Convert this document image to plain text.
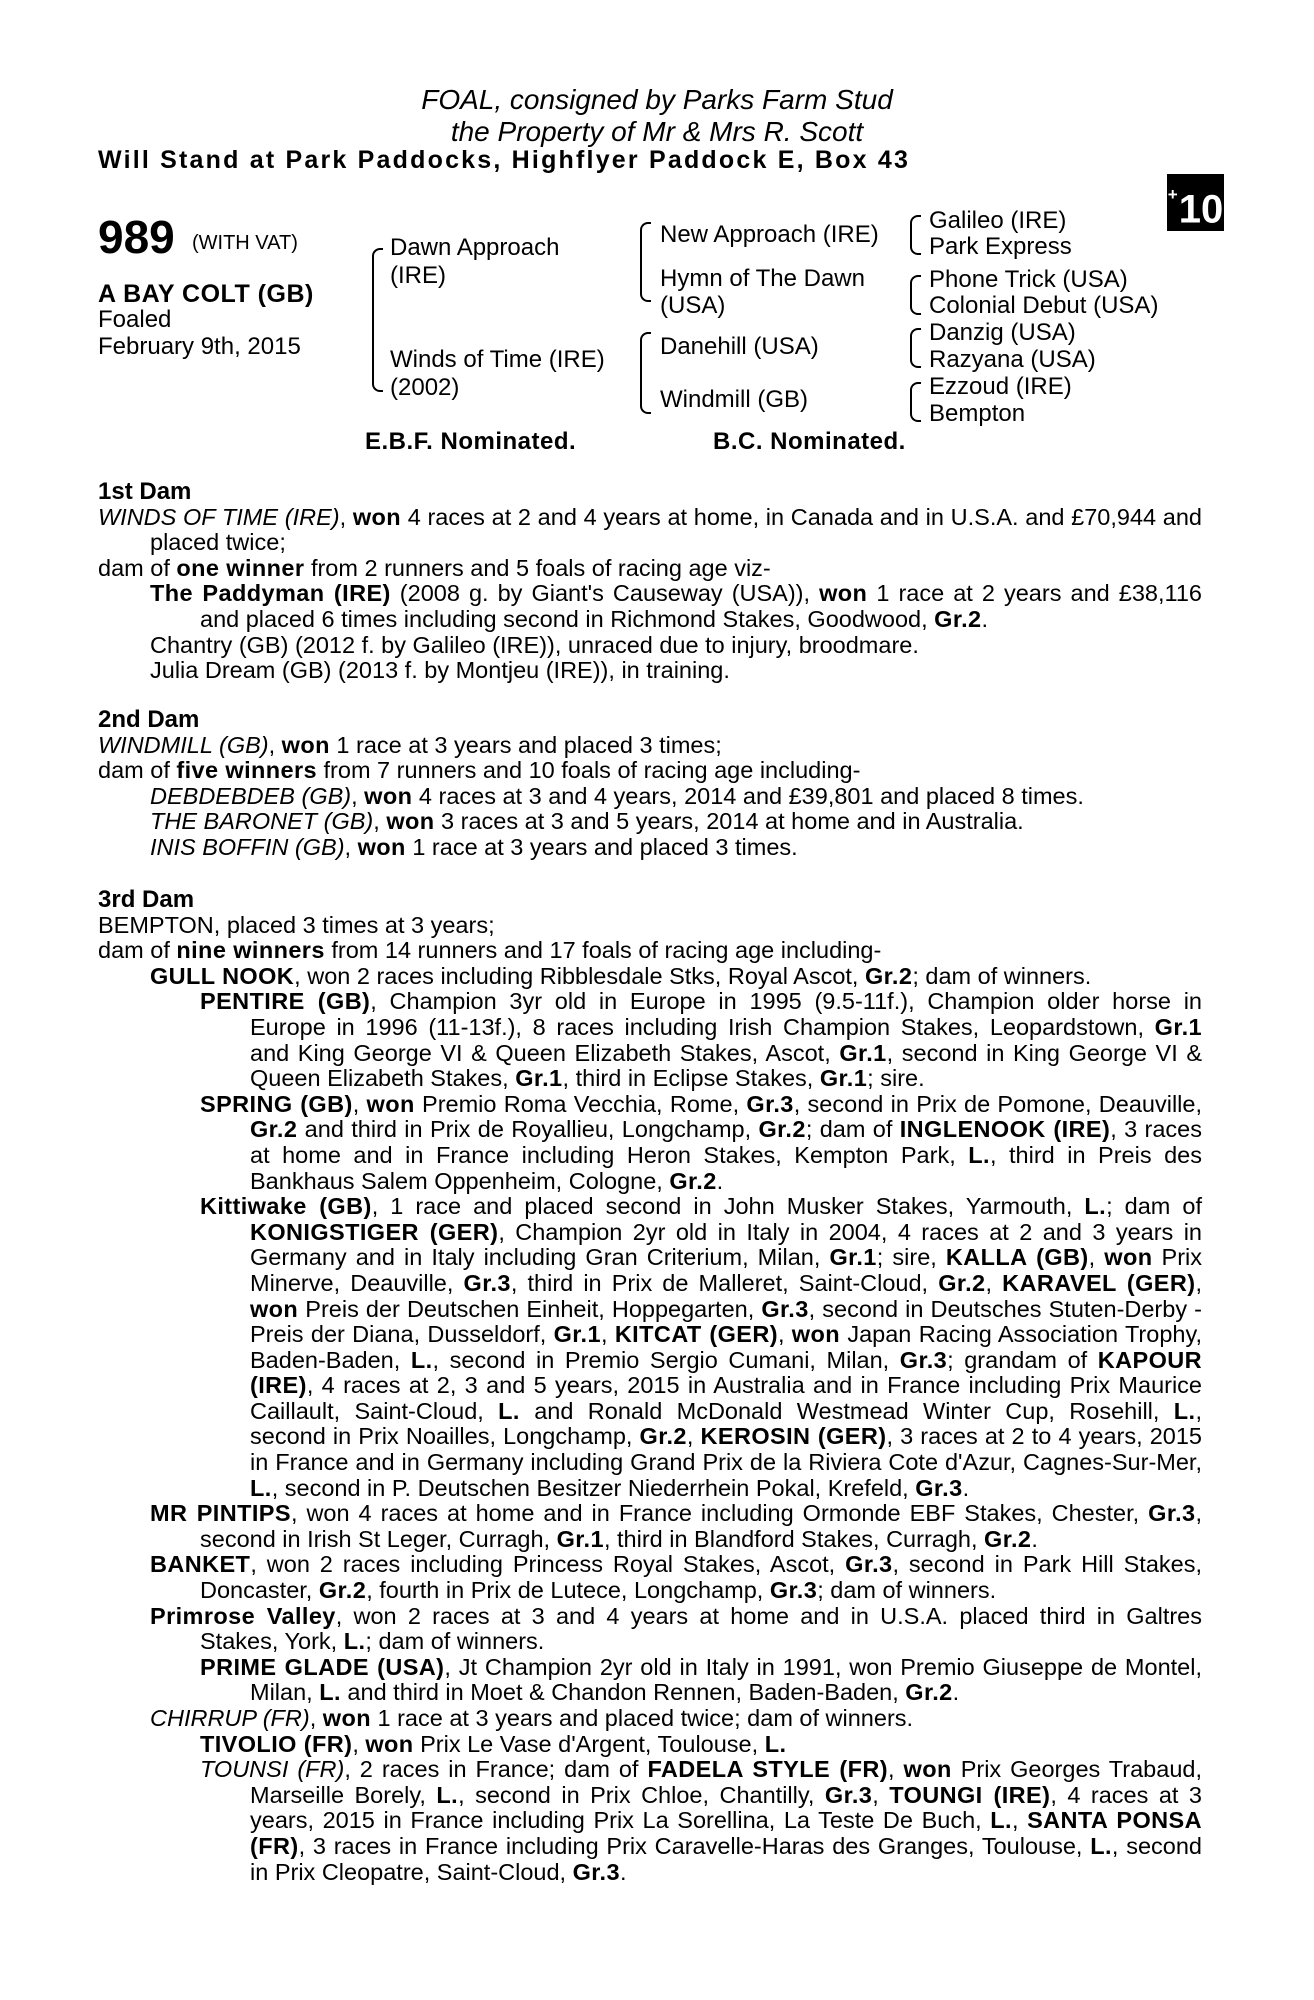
FOAL, consigned by Parks Farm Stud
the Property of Mr & Mrs R. Scott
Will Stand at Park Paddocks, Highflyer Paddock E, Box 43
+10
989 (WITH VAT)
A BAY COLT (GB)
Foaled
February 9th, 2015
Dawn Approach
(IRE)
Winds of Time (IRE)
(2002)
New Approach (IRE)
Hymn of The Dawn
(USA)
Danehill (USA)
Windmill (GB)
Galileo (IRE)
Park Express
Phone Trick (USA)
Colonial Debut (USA)
Danzig (USA)
Razyana (USA)
Ezzoud (IRE)
Bempton
E.B.F. Nominated.	B.C. Nominated.

1st Dam

WINDS OF TIME (IRE), won 4 races at 2 and 4 years at home, in Canada and in U.S.A. and £70,944 and placed twice;

dam of one winner from 2 runners and 5 foals of racing age viz-

The Paddyman (IRE) (2008 g. by Giant's Causeway (USA)), won 1 race at 2 years and £38,116 and placed 6 times including second in Richmond Stakes, Goodwood, Gr.2.

Chantry (GB) (2012 f. by Galileo (IRE)), unraced due to injury, broodmare.

Julia Dream (GB) (2013 f. by Montjeu (IRE)), in training.

2nd Dam

WINDMILL (GB), won 1 race at 3 years and placed 3 times;

dam of five winners from 7 runners and 10 foals of racing age including-

DEBDEBDEB (GB), won 4 races at 3 and 4 years, 2014 and £39,801 and placed 8 times.

THE BARONET (GB), won 3 races at 3 and 5 years, 2014 at home and in Australia.

INIS BOFFIN (GB), won 1 race at 3 years and placed 3 times.

3rd Dam

BEMPTON, placed 3 times at 3 years;

dam of nine winners from 14 runners and 17 foals of racing age including-

GULL NOOK, won 2 races including Ribblesdale Stks, Royal Ascot, Gr.2; dam of winners.

PENTIRE (GB), Champion 3yr old in Europe in 1995 (9.5-11f.), Champion older horse in Europe in 1996 (11-13f.), 8 races including Irish Champion Stakes, Leopardstown, Gr.1 and King George VI & Queen Elizabeth Stakes, Ascot, Gr.1, second in King George VI & Queen Elizabeth Stakes, Gr.1, third in Eclipse Stakes, Gr.1; sire.

SPRING (GB), won Premio Roma Vecchia, Rome, Gr.3, second in Prix de Pomone, Deauville, Gr.2 and third in Prix de Royallieu, Longchamp, Gr.2; dam of INGLENOOK (IRE), 3 races at home and in France including Heron Stakes, Kempton Park, L., third in Preis des Bankhaus Salem Oppenheim, Cologne, Gr.2.

Kittiwake (GB), 1 race and placed second in John Musker Stakes, Yarmouth, L.; dam of KONIGSTIGER (GER), Champion 2yr old in Italy in 2004, 4 races at 2 and 3 years in Germany and in Italy including Gran Criterium, Milan, Gr.1; sire, KALLA (GB), won Prix Minerve, Deauville, Gr.3, third in Prix de Malleret, Saint-Cloud, Gr.2, KARAVEL (GER), won Preis der Deutschen Einheit, Hoppegarten, Gr.3, second in Deutsches Stuten-Derby - Preis der Diana, Dusseldorf, Gr.1, KITCAT (GER), won Japan Racing Association Trophy, Baden-Baden, L., second in Premio Sergio Cumani, Milan, Gr.3; grandam of KAPOUR (IRE), 4 races at 2, 3 and 5 years, 2015 in Australia and in France including Prix Maurice Caillault, Saint-Cloud, L. and Ronald McDonald Westmead Winter Cup, Rosehill, L., second in Prix Noailles, Longchamp, Gr.2, KEROSIN (GER), 3 races at 2 to 4 years, 2015 in France and in Germany including Grand Prix de la Riviera Cote d'Azur, Cagnes-Sur-Mer, L., second in P. Deutschen Besitzer Niederrhein Pokal, Krefeld, Gr.3.

MR PINTIPS, won 4 races at home and in France including Ormonde EBF Stakes, Chester, Gr.3, second in Irish St Leger, Curragh, Gr.1, third in Blandford Stakes, Curragh, Gr.2.

BANKET, won 2 races including Princess Royal Stakes, Ascot, Gr.3, second in Park Hill Stakes, Doncaster, Gr.2, fourth in Prix de Lutece, Longchamp, Gr.3; dam of winners.

Primrose Valley, won 2 races at 3 and 4 years at home and in U.S.A. placed third in Galtres Stakes, York, L.; dam of winners.

PRIME GLADE (USA), Jt Champion 2yr old in Italy in 1991, won Premio Giuseppe de Montel, Milan, L. and third in Moet & Chandon Rennen, Baden-Baden, Gr.2.

CHIRRUP (FR), won 1 race at 3 years and placed twice; dam of winners.

TIVOLIO (FR), won Prix Le Vase d'Argent, Toulouse, L.

TOUNSI (FR), 2 races in France; dam of FADELA STYLE (FR), won Prix Georges Trabaud, Marseille Borely, L., second in Prix Chloe, Chantilly, Gr.3, TOUNGI (IRE), 4 races at 3 years, 2015 in France including Prix La Sorellina, La Teste De Buch, L., SANTA PONSA (FR), 3 races in France including Prix Caravelle-Haras des Granges, Toulouse, L., second in Prix Cleopatre, Saint-Cloud, Gr.3.
